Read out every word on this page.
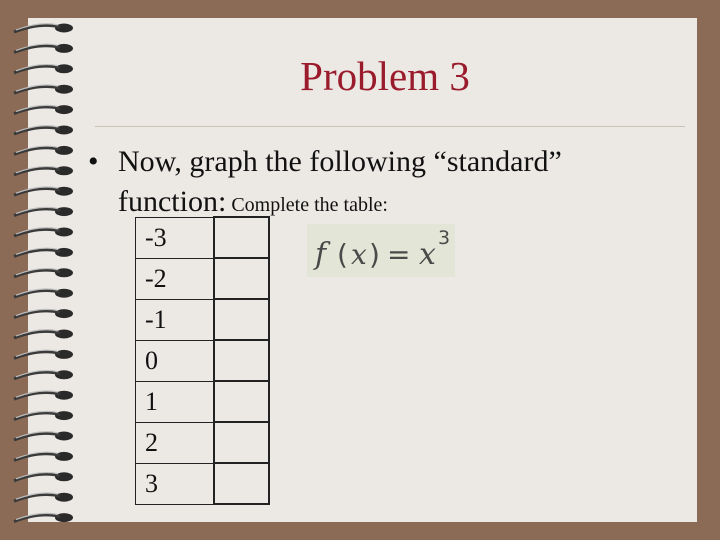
Problem 3
• Now, graph the following “standard”
function: Complete the table:
-3	
-2	
-1	
0	
1	
2	
3	
f ( x ) = x 3
